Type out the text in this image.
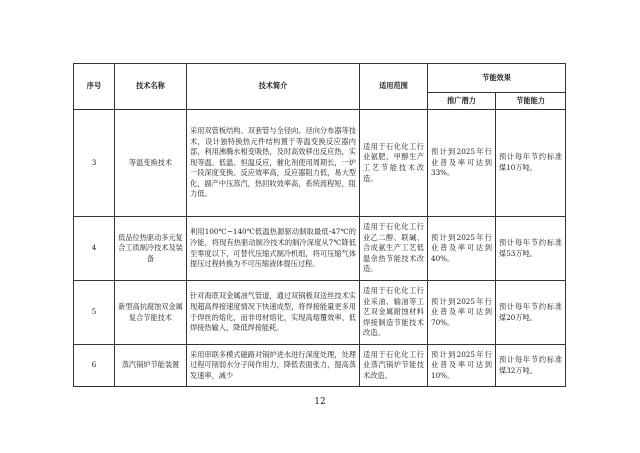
序号	技术名称	技术简介	适用范围	节能效果	
				推广潜力	节能能力
3	等温变换技术	采用双管板结构、双套管与全径向、径向分布器等技术，设计独特换热元件结构置于等温变换反应器内部，利用沸腾水相变吸热，及时高效移出反应热，实现等温、低温、恒温反应，催化剂使用周期长，一炉一段深度变换、反应效率高，反应器阻力低，易大型化，副产中压蒸汽，热回收效率高，系统流程短，阻力低。	适用于石化化工行业氨肥、甲醇生产工艺节能技术改造。	预计到2025年行业普及率可达到33%。	预计每年节约标准煤10万吨。
4	低品位热驱动多元复合工质制冷技术及装备	利用100℃~140℃低温热源驱动制取最低-47℃的冷能，将现有热驱动制冷技术的制冷深度从7℃降低至零度以下，可替代压缩式制冷机组，将可压缩气体提压过程转换为不可压缩液体提压过程。	适用于石化化工行业乙二醇、联碱、合成氨生产工艺低温余热节能技术改造。	预计到2025年行业普及率可达到40%。	预计每年节约标准煤53万吨。
5	新型高抗腐蚀双金属复合节能技术	针对海底双金属油气管道，通过双锅极双送丝技术实现超高焊接速度情况下快速成型，将焊接能量更多用于焊丝的熔化，而非母材熔化，实现高熔覆效率、低焊接热输入，降低焊接能耗。	适用于石化化工行业采油、输油等工艺双金属耐蚀材料焊接制造节能技术改造。	预计到2025年行业普及率可达到70%。	预计每年节约标准煤20万吨。
6	蒸汽锅炉节能装置	采用串联多模式磁路对锅炉进水进行深度处理，处理过程可削弱水分子间作用力，降低表面张力，提高蒸发速率，减少	适用于石化化工行业蒸汽锅炉节能技术改造。	预计到2025年行业普及率可达到10%。	预计每年节约标准煤32万吨。
12
